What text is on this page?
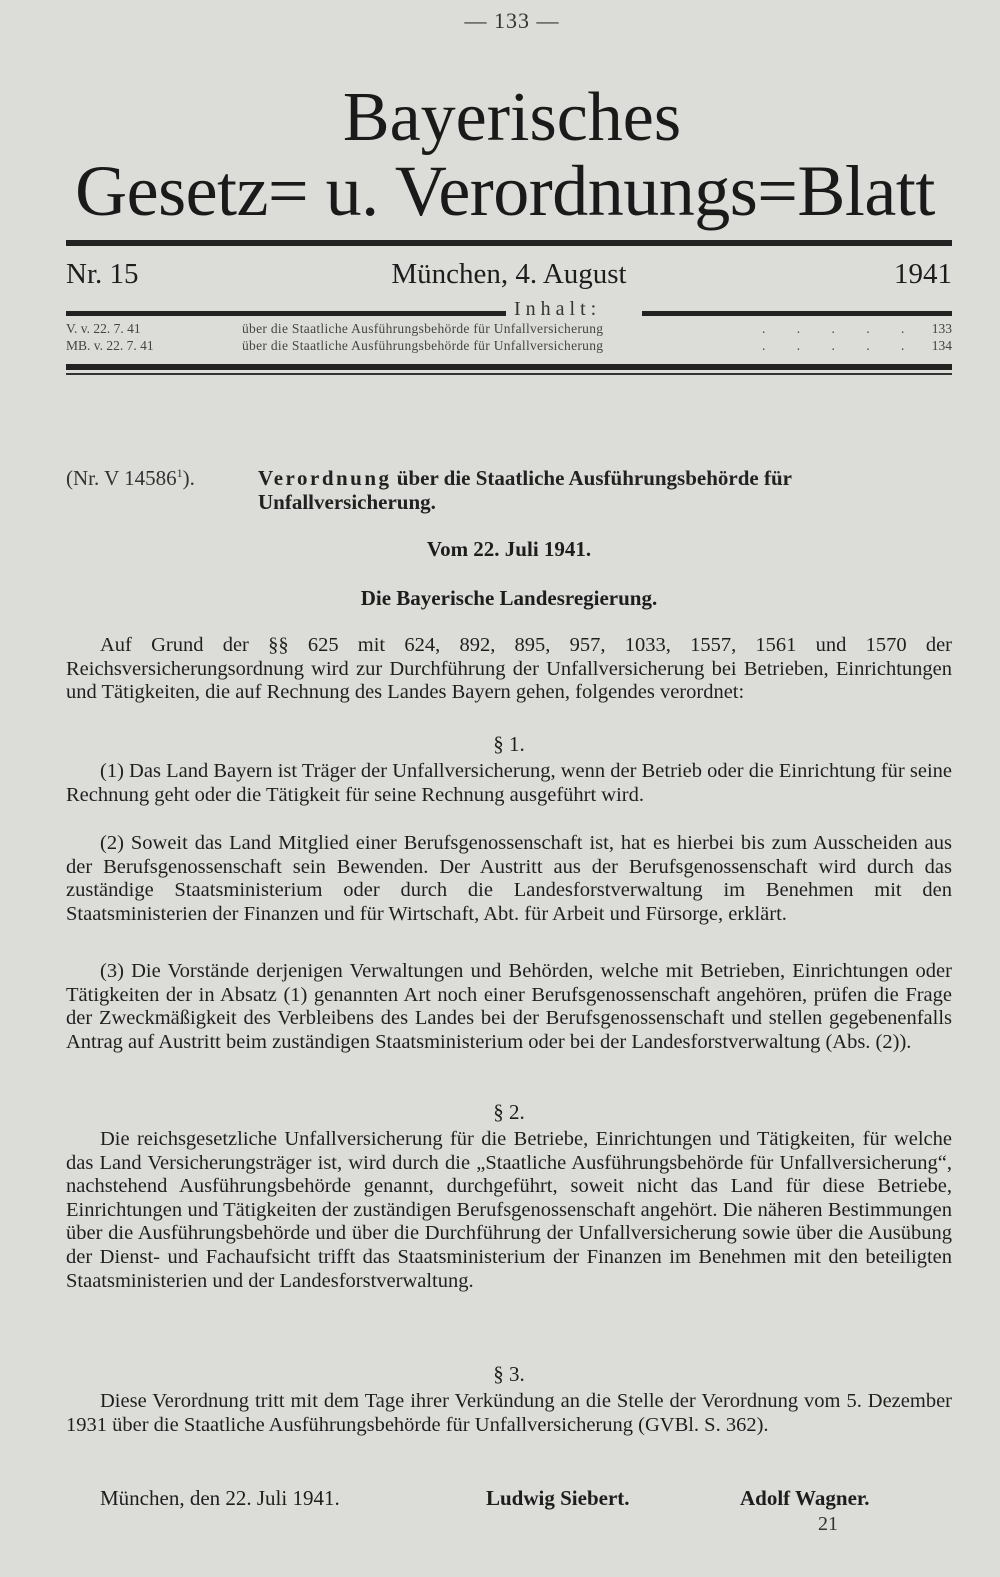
— 133 —
Bayerisches
Gesetz= u. Verordnungs=Blatt
Nr. 15	München, 4. August	1941
Inhalt:
V. v. 22. 7. 41	über die Staatliche Ausführungsbehörde für Unfallversicherung	. . . . . 133
MB. v. 22. 7. 41	über die Staatliche Ausführungsbehörde für Unfallversicherung	. . . . . 134
(Nr. V 14586$^1$).	Verordnung über die Staatliche Ausführungsbehörde für Unfallversicherung.
Vom 22. Juli 1941.
Die Bayerische Landesregierung.
Auf Grund der §§ 625 mit 624, 892, 895, 957, 1033, 1557, 1561 und 1570 der Reichsversicherungsordnung wird zur Durchführung der Unfallversicherung bei Betrieben, Einrichtungen und Tätigkeiten, die auf Rechnung des Landes Bayern gehen, folgendes verordnet:
§ 1.
(1) Das Land Bayern ist Träger der Unfallversicherung, wenn der Betrieb oder die Einrichtung für seine Rechnung geht oder die Tätigkeit für seine Rechnung ausgeführt wird.
(2) Soweit das Land Mitglied einer Berufsgenossenschaft ist, hat es hierbei bis zum Ausscheiden aus der Berufsgenossenschaft sein Bewenden. Der Austritt aus der Berufsgenossenschaft wird durch das zuständige Staatsministerium oder durch die Landesforstverwaltung im Benehmen mit den Staatsministerien der Finanzen und für Wirtschaft, Abt. für Arbeit und Fürsorge, erklärt.
(3) Die Vorstände derjenigen Verwaltungen und Behörden, welche mit Betrieben, Einrichtungen oder Tätigkeiten der in Absatz (1) genannten Art noch einer Berufsgenossenschaft angehören, prüfen die Frage der Zweckmäßigkeit des Verbleibens des Landes bei der Berufsgenossenschaft und stellen gegebenenfalls Antrag auf Austritt beim zuständigen Staatsministerium oder bei der Landesforstverwaltung (Abs. (2)).
§ 2.
Die reichsgesetzliche Unfallversicherung für die Betriebe, Einrichtungen und Tätigkeiten, für welche das Land Versicherungsträger ist, wird durch die „Staatliche Ausführungsbehörde für Unfallversicherung“, nachstehend Ausführungsbehörde genannt, durchgeführt, soweit nicht das Land für diese Betriebe, Einrichtungen und Tätigkeiten der zuständigen Berufsgenossenschaft angehört. Die näheren Bestimmungen über die Ausführungsbehörde und über die Durchführung der Unfallversicherung sowie über die Ausübung der Dienst- und Fachaufsicht trifft das Staatsministerium der Finanzen im Benehmen mit den beteiligten Staatsministerien und der Landesforstverwaltung.
§ 3.
Diese Verordnung tritt mit dem Tage ihrer Verkündung an die Stelle der Verordnung vom 5. Dezember 1931 über die Staatliche Ausführungsbehörde für Unfallversicherung (GVBl. S. 362).
München, den 22. Juli 1941.	Ludwig Siebert.	Adolf Wagner.
21
